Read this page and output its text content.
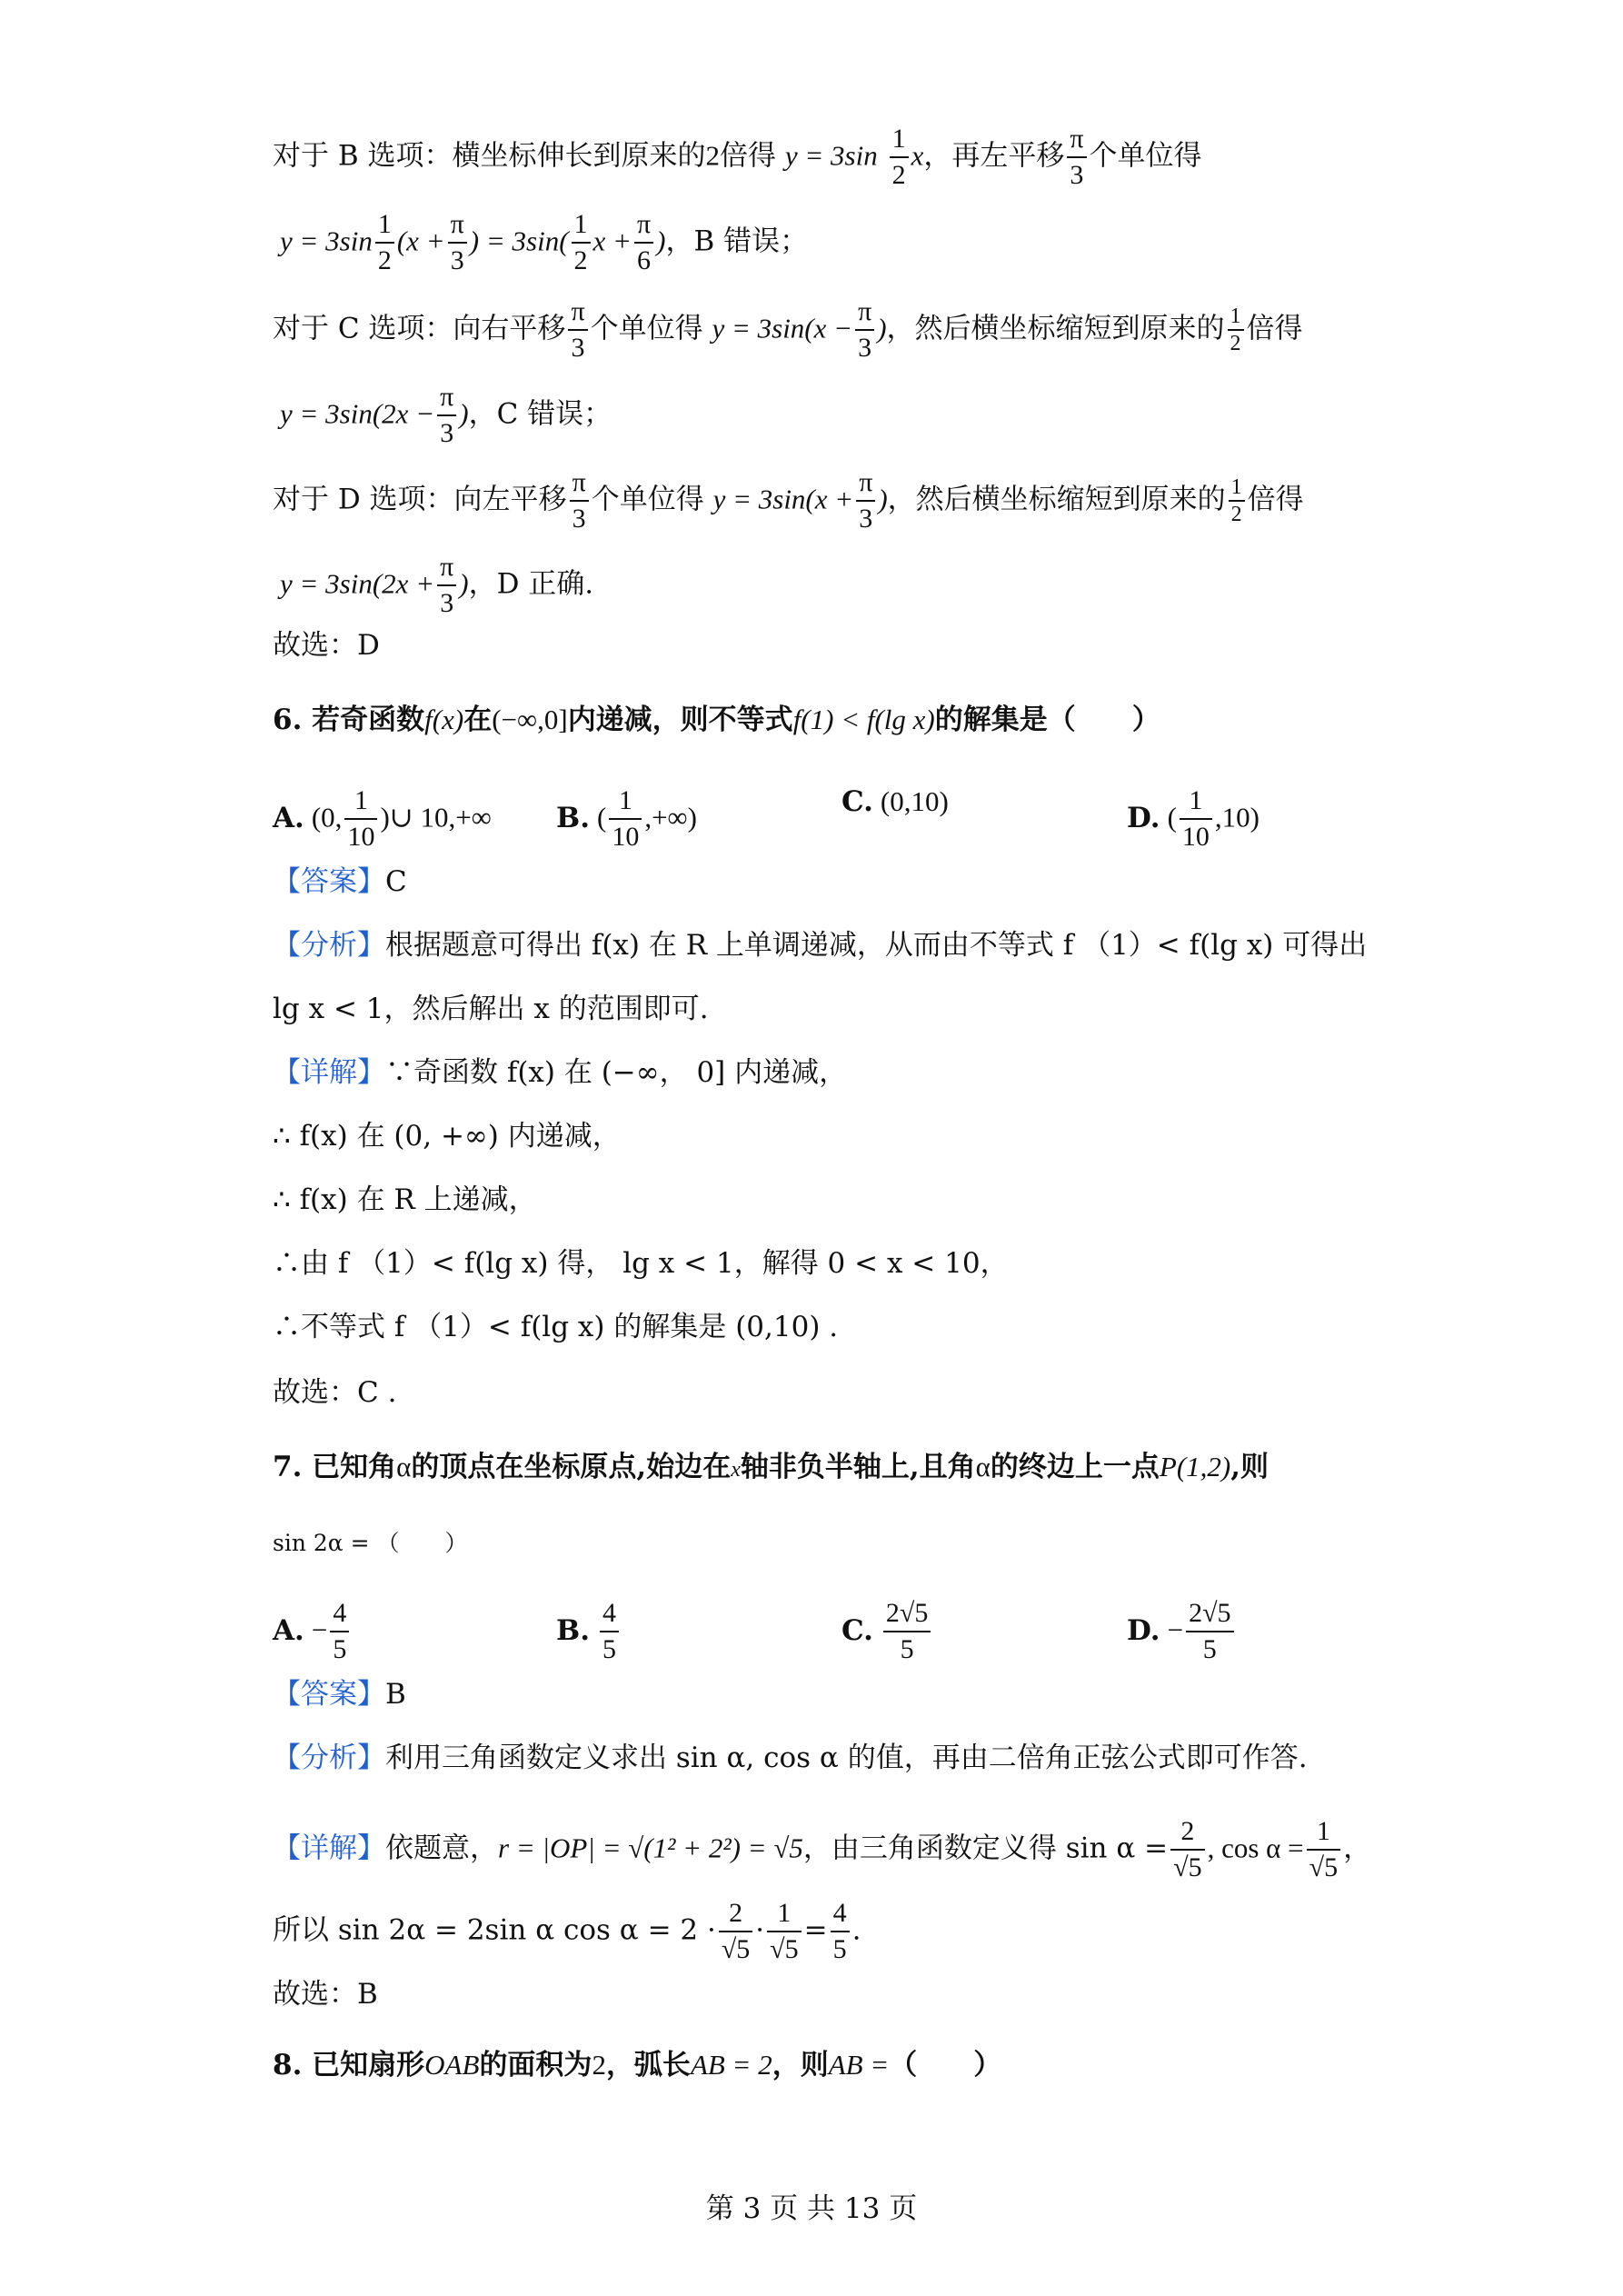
对于 B 选项：横坐标伸长到原来的2倍得 $y = 3\sin \frac{1}{2}$ x，再左平移 $\frac{\pi}{3}$ 个单位得
$y = 3\sin \frac{1}{2} (x + \frac{\pi}{3}$ ) = $3\sin( \frac{1}{2}$ $x + \frac{\pi}{6}$ )，B 错误；
对于 C 选项：向右平移 $\frac{\pi}{3}$ 个单位得 $y = 3\sin(x - \frac{\pi}{3}$ )，然后横坐标缩短到原来的 $\frac{1}{2}$ 倍得
$y = 3\sin(2x - \frac{\pi}{3}$ )，C 错误；
对于 D 选项：向左平移 $\frac{\pi}{3}$ 个单位得 $y = 3\sin(x + \frac{\pi}{3}$ )，然后横坐标缩短到原来的 $\frac{1}{2}$ 倍得
$y = 3\sin(2x + \frac{\pi}{3}$ )，D 正确.
故选：D
6. 若奇函数f(x)在(−∞,0]内递减，则不等式f(1) < f(lg x)的解集是（　　）
A. (0, $\frac{1}{10}$ )∪ 10,+∞ B. ( $\frac{1}{10}$ ,+∞)	C. (0,10)	D. ( $\frac{1}{10} ,10$)
【答案】C
【分析】根据题意可得出 f(x) 在 R 上单调递减，从而由不等式 f （1）< f(lg x) 可得出
lg x < 1，然后解出 x 的范围即可.
【详解】∵奇函数 f(x) 在 (−∞， 0] 内递减，
∴ f(x) 在 (0, +∞) 内递减，
∴ f(x) 在 R 上递减，
∴由 f （1）< f(lg x) 得， lg x < 1，解得 0 < x < 10，
∴不等式 f （1）< f(lg x) 的解集是 (0,10) .
故选：C .
7. 已知角α的顶点在坐标原点,始边在x轴非负半轴上,且角α的终边上一点P(1,2),则
sin 2α = （　　）
A. − $\frac{4}{5}$	B. $\frac{4}{5}$	C. $\frac{2√5}{5}$	D. − $\frac{2√5}{5}$
【答案】B
【分析】利用三角函数定义求出 sin α, cos α 的值，再由二倍角正弦公式即可作答.
【详解】依题意，r = |OP| = √(1² + 2²) = √5，由三角函数定义得 $\sin \alpha = \frac{2}{√5}$ , $\cos \alpha = \frac{1}{√5}$ ，
所以 sin 2α = 2sin α $\cos \alpha = 2 \cdot \frac{2}{√5} \cdot \frac{1}{√5} = \frac{4}{5}$ .
故选：B
8. 已知扇形OAB的面积为2，弧长AB = 2，则AB =（　　）
第 3 页 共 13 页
